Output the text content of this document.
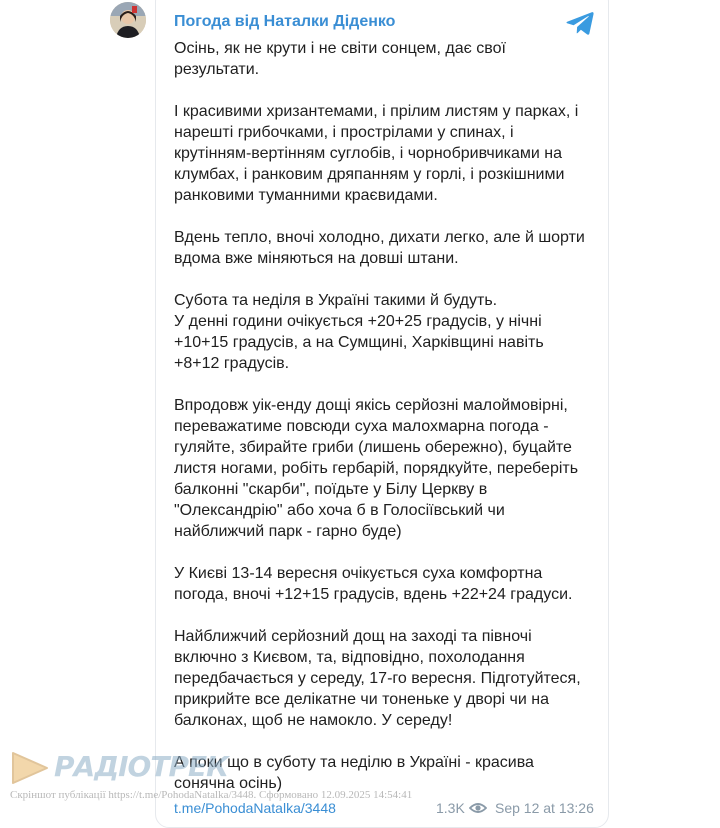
Погода від Наталки Діденко

Осінь, як не крути і не світи сонцем, дає свої
результати.

І красивими хризантемами, і прілим листям у парках, і
нарешті грибочками, і прострілами у спинах, і
крутінням-вертінням суглобів, і чорнобривчиками на
клумбах, і ранковим дряпанням у горлі, і розкішними
ранковими туманними краєвидами.

Вдень тепло, вночі холодно, дихати легко, але й шорти
вдома вже міняються на довші штани.

Субота та неділя в Україні такими й будуть.
У денні години очікується +20+25 градусів, у нічні
+10+15 градусів, а на Сумщині, Харківщині навіть
+8+12 градусів.

Впродовж уік-енду дощі якісь серйозні малоймовірні,
переважатиме повсюди суха малохмарна погода -
гуляйте, збирайте гриби (лишень обережно), буцайте
листя ногами, робіть гербарій, порядкуйте, переберіть
балконні "скарби", поїдьте у Білу Церкву в
"Олександрію" або хоча б в Голосіївський чи
найближчий парк - гарно буде)

У Києві 13-14 вересня очікується суха комфортна
погода, вночі +12+15 градусів, вдень +22+24 градуси.

Найближчий серйозний дощ на заході та півночі
включно з Києвом, та, відповідно, похолодання
передбачається у середу, 17-го вересня. Підготуйтеся,
прикрийте все делікатне чи тоненьке у дворі чи на
балконах, щоб не намокло. У середу!

А поки що в суботу та неділю в Україні - красива
сонячна осінь)

t.me/PohodaNatalka/3448	1.3K Sep 12 at 13:26
РАДІОТРЕК
Скріншот публікації https://t.me/PohodaNatalka/3448. Сформовано 12.09.2025 14:54:41
